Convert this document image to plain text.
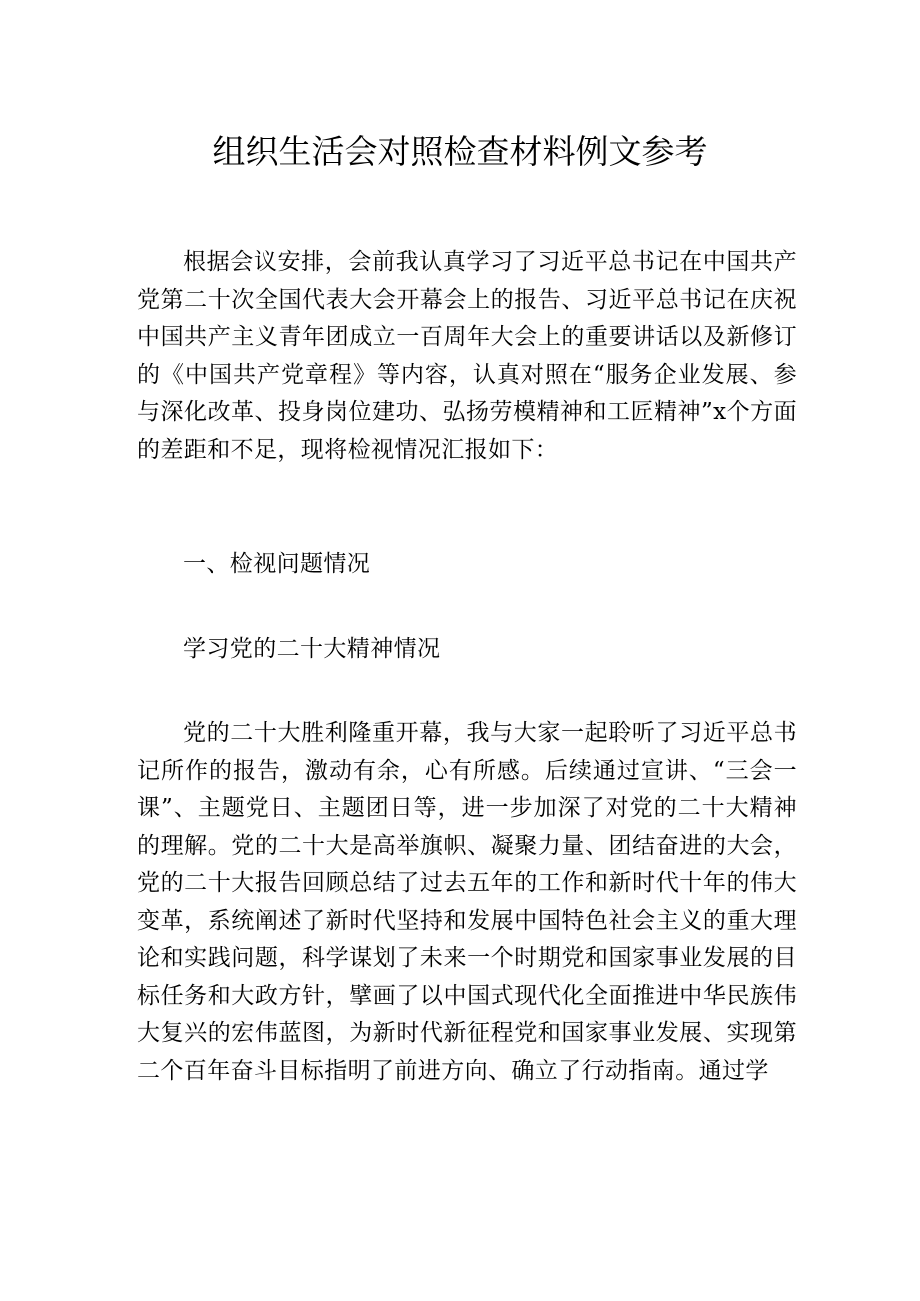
组织生活会对照检查材料例文参考

根据会议安排，会前我认真学习了习近平总书记在中国共产党第二十次全国代表大会开幕会上的报告、习近平总书记在庆祝中国共产主义青年团成立一百周年大会上的重要讲话以及新修订的《中国共产党章程》等内容，认真对照在“服务企业发展、参与深化改革、投身岗位建功、弘扬劳模精神和工匠精神”x个方面的差距和不足，现将检视情况汇报如下：

一、检视问题情况

学习党的二十大精神情况

党的二十大胜利隆重开幕，我与大家一起聆听了习近平总书记所作的报告，激动有余，心有所感。后续通过宣讲、“三会一课”、主题党日、主题团日等，进一步加深了对党的二十大精神的理解。党的二十大是高举旗帜、凝聚力量、团结奋进的大会，党的二十大报告回顾总结了过去五年的工作和新时代十年的伟大变革，系统阐述了新时代坚持和发展中国特色社会主义的重大理论和实践问题，科学谋划了未来一个时期党和国家事业发展的目标任务和大政方针，擘画了以中国式现代化全面推进中华民族伟大复兴的宏伟蓝图，为新时代新征程党和国家事业发展、实现第二个百年奋斗目标指明了前进方向、确立了行动指南。通过学
